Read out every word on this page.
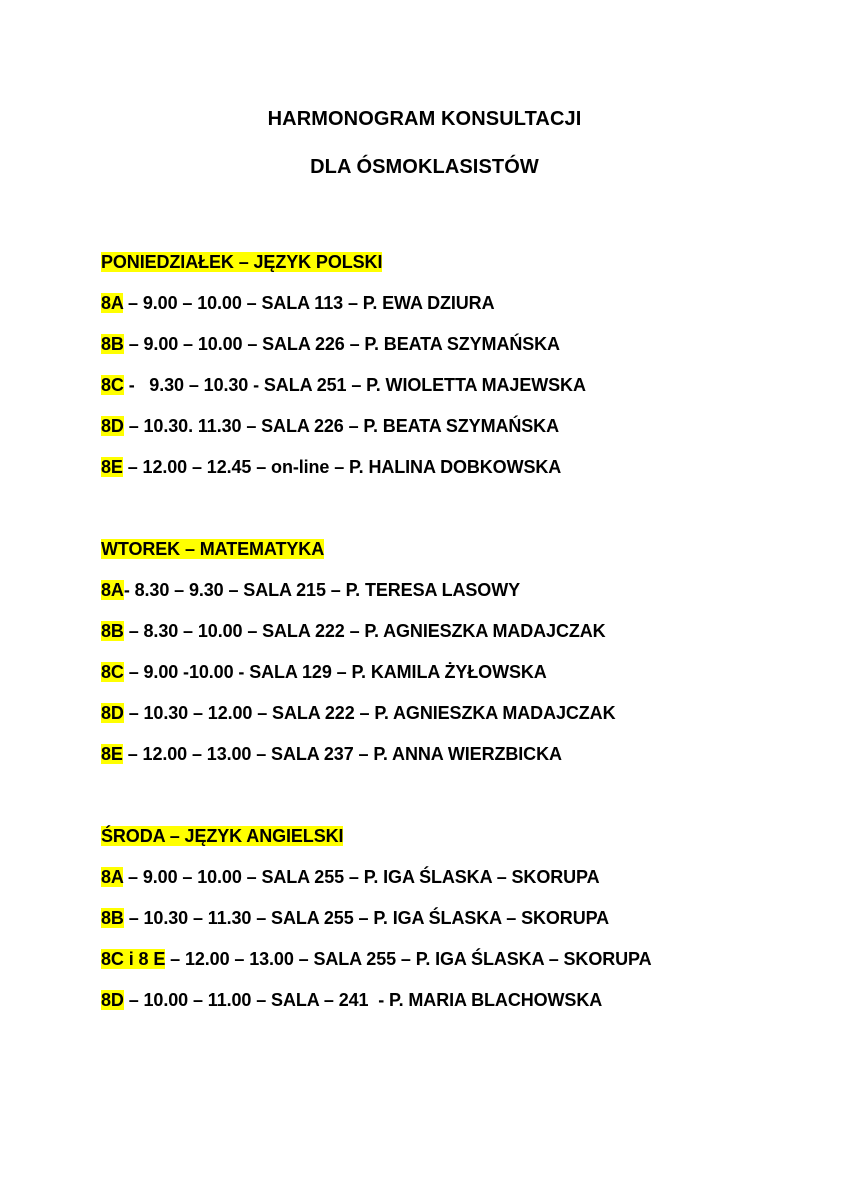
HARMONOGRAM KONSULTACJI
DLA ÓSMOKLASISTÓW
PONIEDZIAŁEK – JĘZYK POLSKI
8A – 9.00 – 10.00 – SALA 113 – P. EWA DZIURA
8B – 9.00 – 10.00 – SALA 226 – P. BEATA SZYMAŃSKA
8C -   9.30 – 10.30 - SALA 251 – P. WIOLETTA MAJEWSKA
8D – 10.30. 11.30 – SALA 226 – P. BEATA SZYMAŃSKA
8E – 12.00 – 12.45 – on-line – P. HALINA DOBKOWSKA
WTOREK – MATEMATYKA
8A- 8.30 – 9.30 – SALA 215 – P. TERESA LASOWY
8B – 8.30 – 10.00 – SALA 222 – P. AGNIESZKA MADAJCZAK
8C – 9.00 -10.00 - SALA 129 – P. KAMILA ŻYŁOWSKA
8D – 10.30 – 12.00 – SALA 222 – P. AGNIESZKA MADAJCZAK
8E – 12.00 – 13.00 – SALA 237 – P. ANNA WIERZBICKA
ŚRODA – JĘZYK ANGIELSKI
8A – 9.00 – 10.00 – SALA 255 – P. IGA ŚLASKA – SKORUPA
8B – 10.30 – 11.30 – SALA 255 – P. IGA ŚLASKA – SKORUPA
8C i 8 E – 12.00 – 13.00 – SALA 255 – P. IGA ŚLASKA – SKORUPA
8D – 10.00 – 11.00 – SALA – 241  - P. MARIA BLACHOWSKA
